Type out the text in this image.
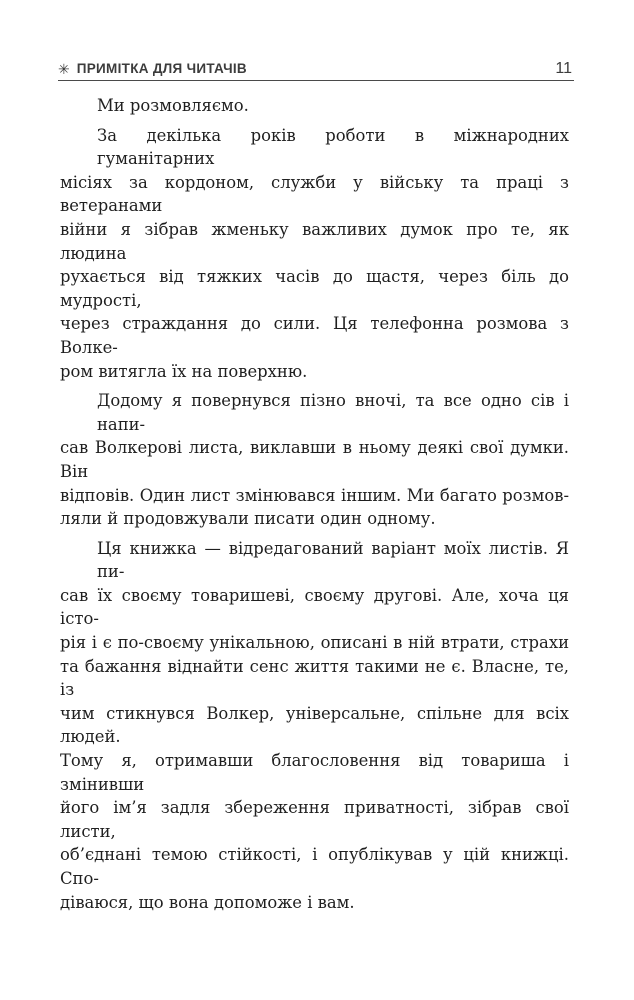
✳ ПРИМІТКА ДЛЯ ЧИТАЧІВ	11

Ми розмовляємо.

За декілька років роботи в міжнародних гуманітарних
місіях за кордоном, служби у війську та праці з ветеранами
війни я зібрав жменьку важливих думок про те, як людина
рухається від тяжких часів до щастя, через біль до мудрості,
через страждання до сили. Ця телефонна розмова з Волке-
ром витягла їх на поверхню.

Додому я повернувся пізно вночі, та все одно сів і напи-
сав Волкерові листа, виклавши в ньому деякі свої думки. Він
відповів. Один лист змінювався іншим. Ми багато розмов-
ляли й продовжували писати один одному.

Ця книжка — відредагований варіант моїх листів. Я пи-
сав їх своєму товаришеві, своєму другові. Але, хоча ця істо-
рія і є по-своєму унікальною, описані в ній втрати, страхи
та бажання віднайти сенс життя такими не є. Власне, те, із
чим стикнувся Волкер, універсальне, спільне для всіх людей.
Тому я, отримавши благословення від товариша і змінивши
його ім’я задля збереження приватності, зібрав свої листи,
об’єднані темою стійкості, і опублікував у цій книжці. Спо-
діваюся, що вона допоможе і вам.
